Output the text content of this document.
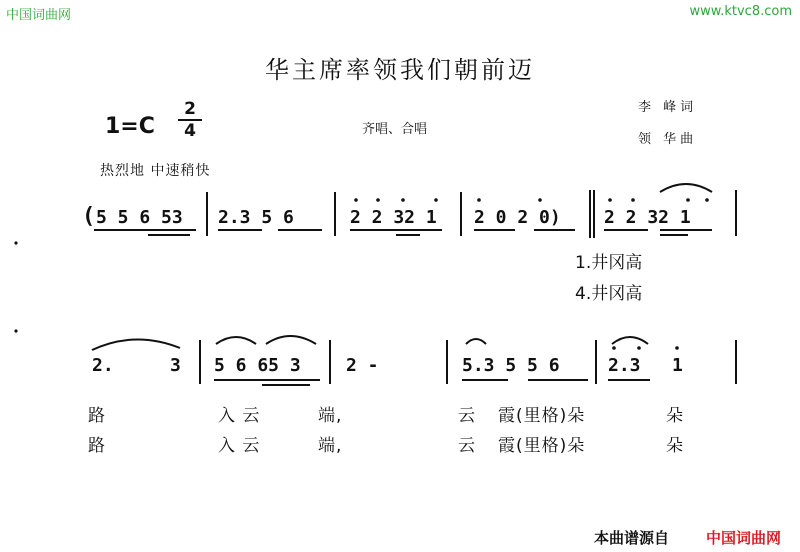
中国词曲网	www.ktvc8.com
华主席率领我们朝前迈
1=C
2
4	齐唱、合唱
李 峰词
领 华曲
热烈地 中速稍快
( 5 5 6 53 2.3 5 6	2 2 32 1 2 0 2 0) 2 2 32 1
1.井冈高
4.井冈高
2.	3 5 6 65 3	2 -	5.3 5 5 6	2.3 1
路	入 云	端,	云 霞(里格)朵	朵
路	入 云	端,	云 霞(里格)朵	朵
本曲谱源自 中国词曲网
